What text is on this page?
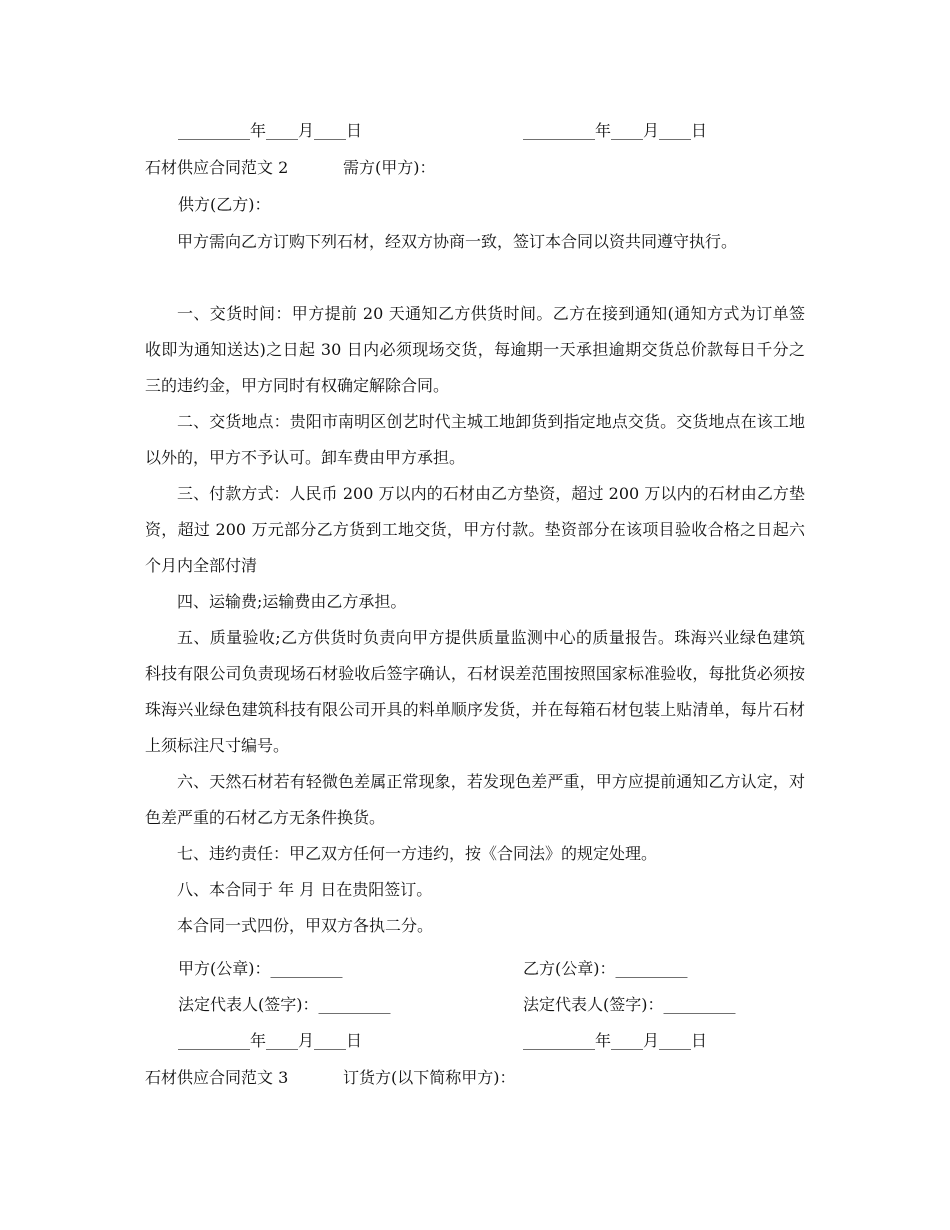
_________年____月____日	_________年____月____日
石材供应合同范文 2	需方(甲方)：
供方(乙方)：
甲方需向乙方订购下列石材，经双方协商一致，签订本合同以资共同遵守执行。
一、交货时间：甲方提前 20 天通知乙方供货时间。乙方在接到通知(通知方式为订单签收即为通知送达)之日起 30 日内必须现场交货，每逾期一天承担逾期交货总价款每日千分之三的违约金，甲方同时有权确定解除合同。
二、交货地点：贵阳市南明区创艺时代主城工地卸货到指定地点交货。交货地点在该工地以外的，甲方不予认可。卸车费由甲方承担。
三、付款方式：人民币 200 万以内的石材由乙方垫资，超过 200 万以内的石材由乙方垫资，超过 200 万元部分乙方货到工地交货，甲方付款。垫资部分在该项目验收合格之日起六个月内全部付清
四、运输费;运输费由乙方承担。
五、质量验收;乙方供货时负责向甲方提供质量监测中心的质量报告。珠海兴业绿色建筑科技有限公司负责现场石材验收后签字确认，石材误差范围按照国家标准验收，每批货必须按珠海兴业绿色建筑科技有限公司开具的料单顺序发货，并在每箱石材包装上贴清单，每片石材上须标注尺寸编号。
六、天然石材若有轻微色差属正常现象，若发现色差严重，甲方应提前通知乙方认定，对色差严重的石材乙方无条件换货。
七、违约责任：甲乙双方任何一方违约，按《合同法》的规定处理。
八、本合同于 年 月 日在贵阳签订。
本合同一式四份，甲双方各执二分。
甲方(公章)：_________	乙方(公章)：_________
法定代表人(签字)：_________	法定代表人(签字)：_________
_________年____月____日	_________年____月____日
石材供应合同范文 3	订货方(以下简称甲方)：
